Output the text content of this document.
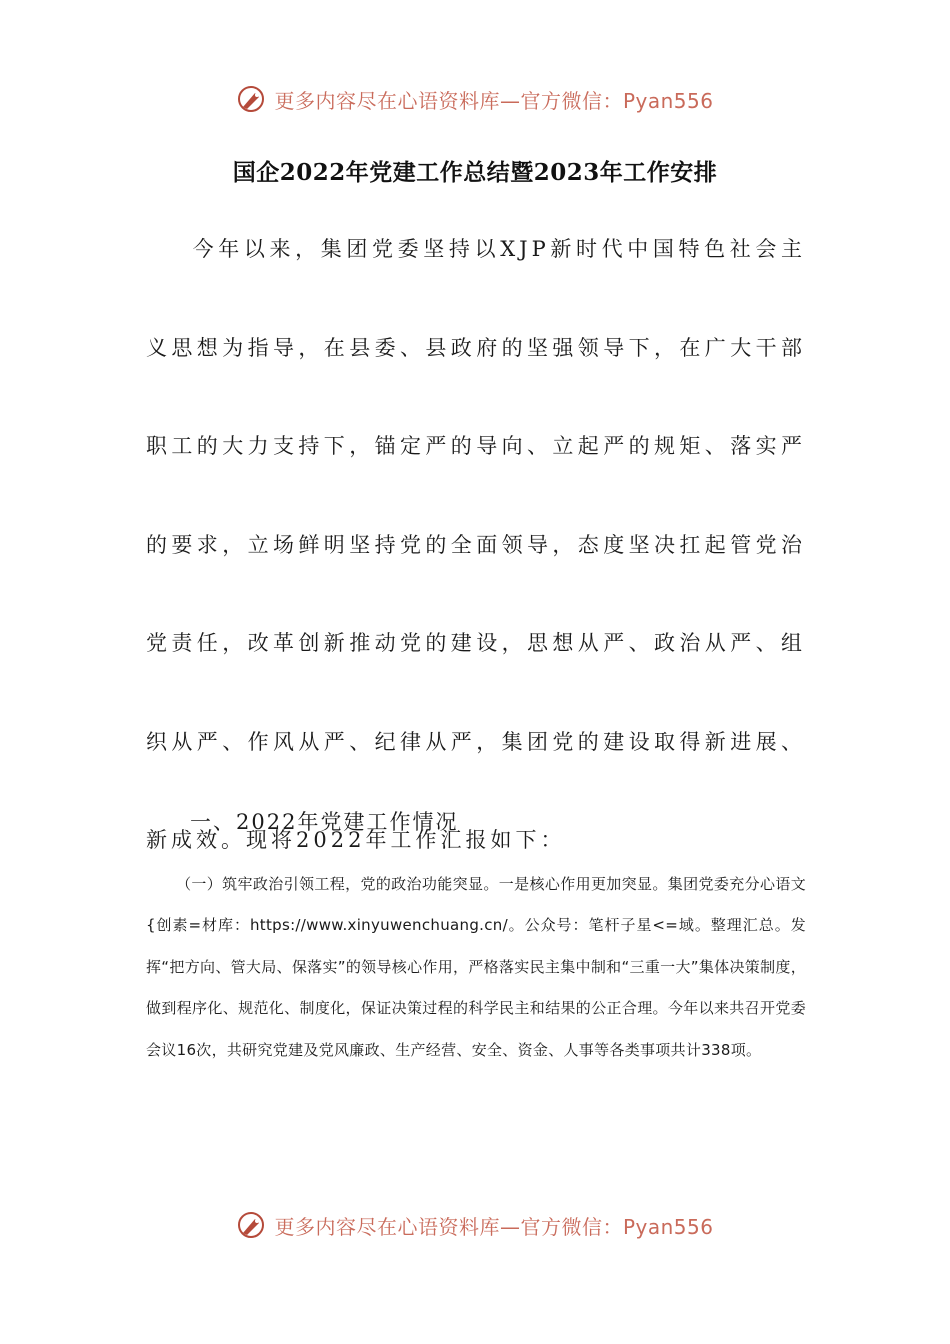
更多内容尽在心语资料库—官方微信：Pyan556
国企2022年党建工作总结暨2023年工作安排

今年以来，集团党委坚持以XJP新时代中国特色社会主义思想为指导，在县委、县政府的坚强领导下，在广大干部职工的大力支持下，锚定严的导向、立起严的规矩、落实严的要求，立场鲜明坚持党的全面领导，态度坚决扛起管党治党责任，改革创新推动党的建设，思想从严、政治从严、组织从严、作风从严、纪律从严，集团党的建设取得新进展、新成效。现将2022年工作汇报如下：

一、2022年党建工作情况

（一）筑牢政治引领工程，党的政治功能突显。一是核心作用更加突显。集团党委充分心语文{创素=材库：https://www.xinyuwenchuang.cn/。公众号：笔杆子星<=域。整理汇总。发挥“把方向、管大局、保落实”的领导核心作用，严格落实民主集中制和“三重一大”集体决策制度，做到程序化、规范化、制度化，保证决策过程的科学民主和结果的公正合理。今年以来共召开党委会议16次，共研究党建及党风廉政、生产经营、安全、资金、人事等各类事项共计338项。

更多内容尽在心语资料库—官方微信：Pyan556
